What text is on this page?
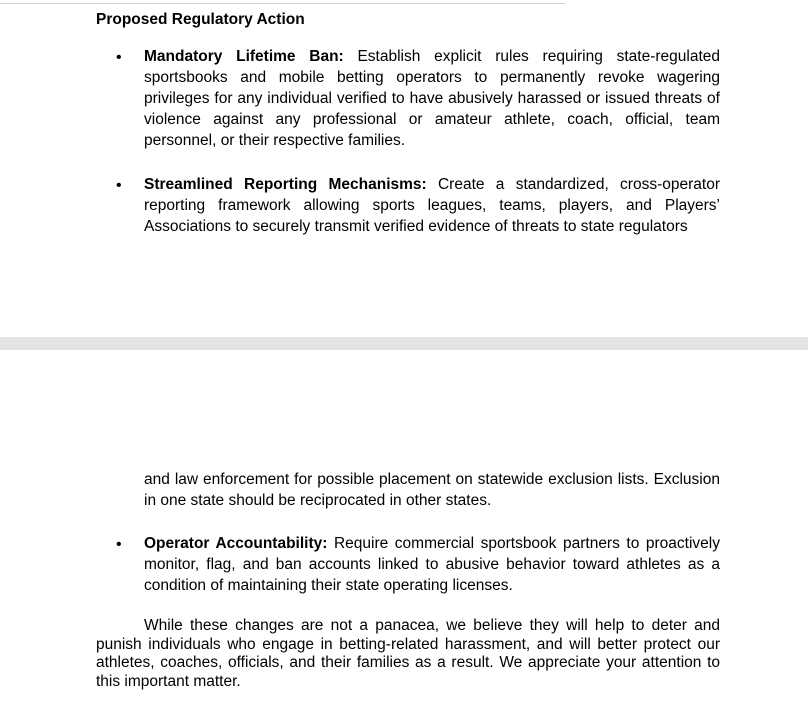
Proposed Regulatory Action
• Mandatory Lifetime Ban: Establish explicit rules requiring state-regulated sportsbooks and mobile betting operators to permanently revoke wagering privileges for any individual verified to have abusively harassed or issued threats of violence against any professional or amateur athlete, coach, official, team personnel, or their respective families.

• Streamlined Reporting Mechanisms: Create a standardized, cross-operator reporting framework allowing sports leagues, teams, players, and Players’ Associations to securely transmit verified evidence of threats to state regulators

and law enforcement for possible placement on statewide exclusion lists. Exclusion in one state should be reciprocated in other states.

• Operator Accountability: Require commercial sportsbook partners to proactively monitor, flag, and ban accounts linked to abusive behavior toward athletes as a condition of maintaining their state operating licenses.

While these changes are not a panacea, we believe they will help to deter and punish individuals who engage in betting-related harassment, and will better protect our athletes, coaches, officials, and their families as a result. We appreciate your attention to this important matter.
